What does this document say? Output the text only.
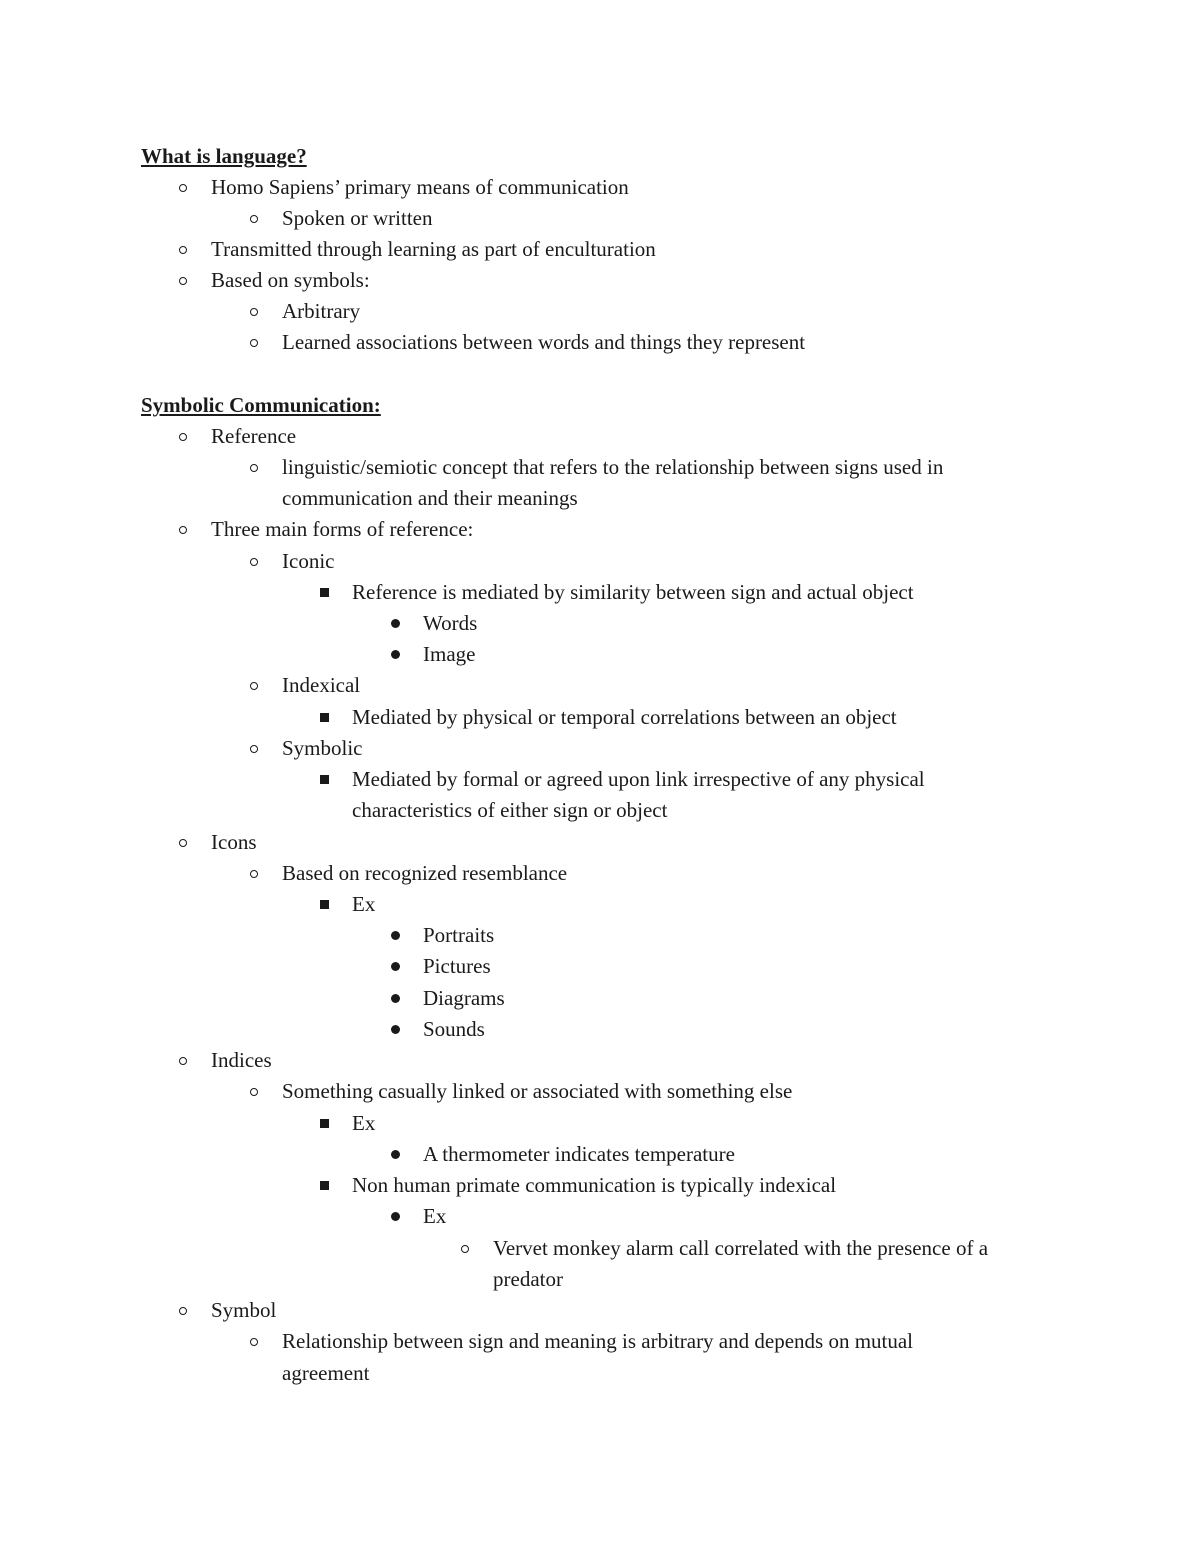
What is language?
Homo Sapiens’ primary means of communication
Spoken or written
Transmitted through learning as part of enculturation
Based on symbols:
Arbitrary
Learned associations between words and things they represent
Symbolic Communication:
Reference
linguistic/semiotic concept that refers to the relationship between signs used in
communication and their meanings
Three main forms of reference:
Iconic
Reference is mediated by similarity between sign and actual object
Words
Image
Indexical
Mediated by physical or temporal correlations between an object
Symbolic
Mediated by formal or agreed upon link irrespective of any physical
characteristics of either sign or object
Icons
Based on recognized resemblance
Ex
Portraits
Pictures
Diagrams
Sounds
Indices
Something casually linked or associated with something else
Ex
A thermometer indicates temperature
Non human primate communication is typically indexical
Ex
Vervet monkey alarm call correlated with the presence of a
predator
Symbol
Relationship between sign and meaning is arbitrary and depends on mutual
agreement
